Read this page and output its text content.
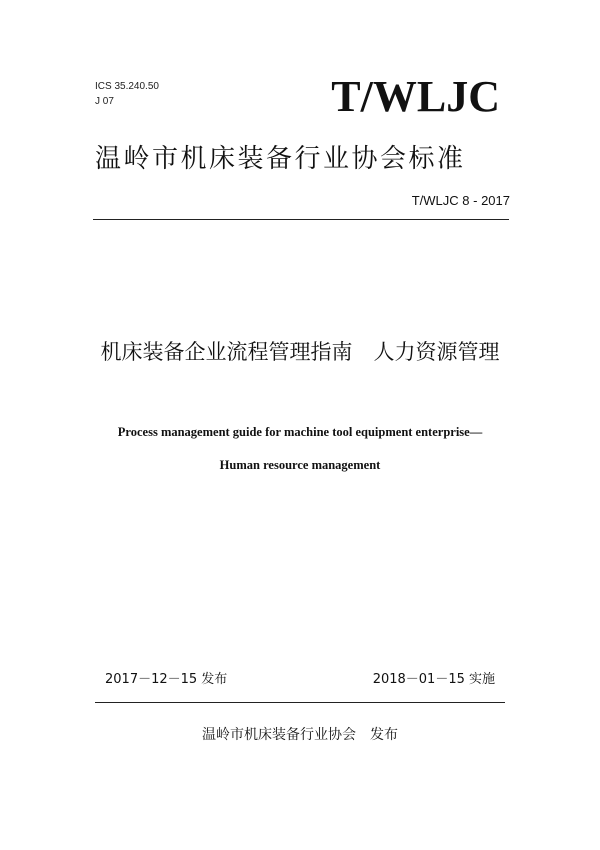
ICS 35.240.50
J 07	T/WLJC
温岭市机床装备行业协会标准
T/WLJC 8 - 2017
机床装备企业流程管理指南　人力资源管理
Process management guide for machine tool equipment enterprise—
Human resource management
2017－12－15 发布	2018－01－15 实施
温岭市机床装备行业协会　发布
